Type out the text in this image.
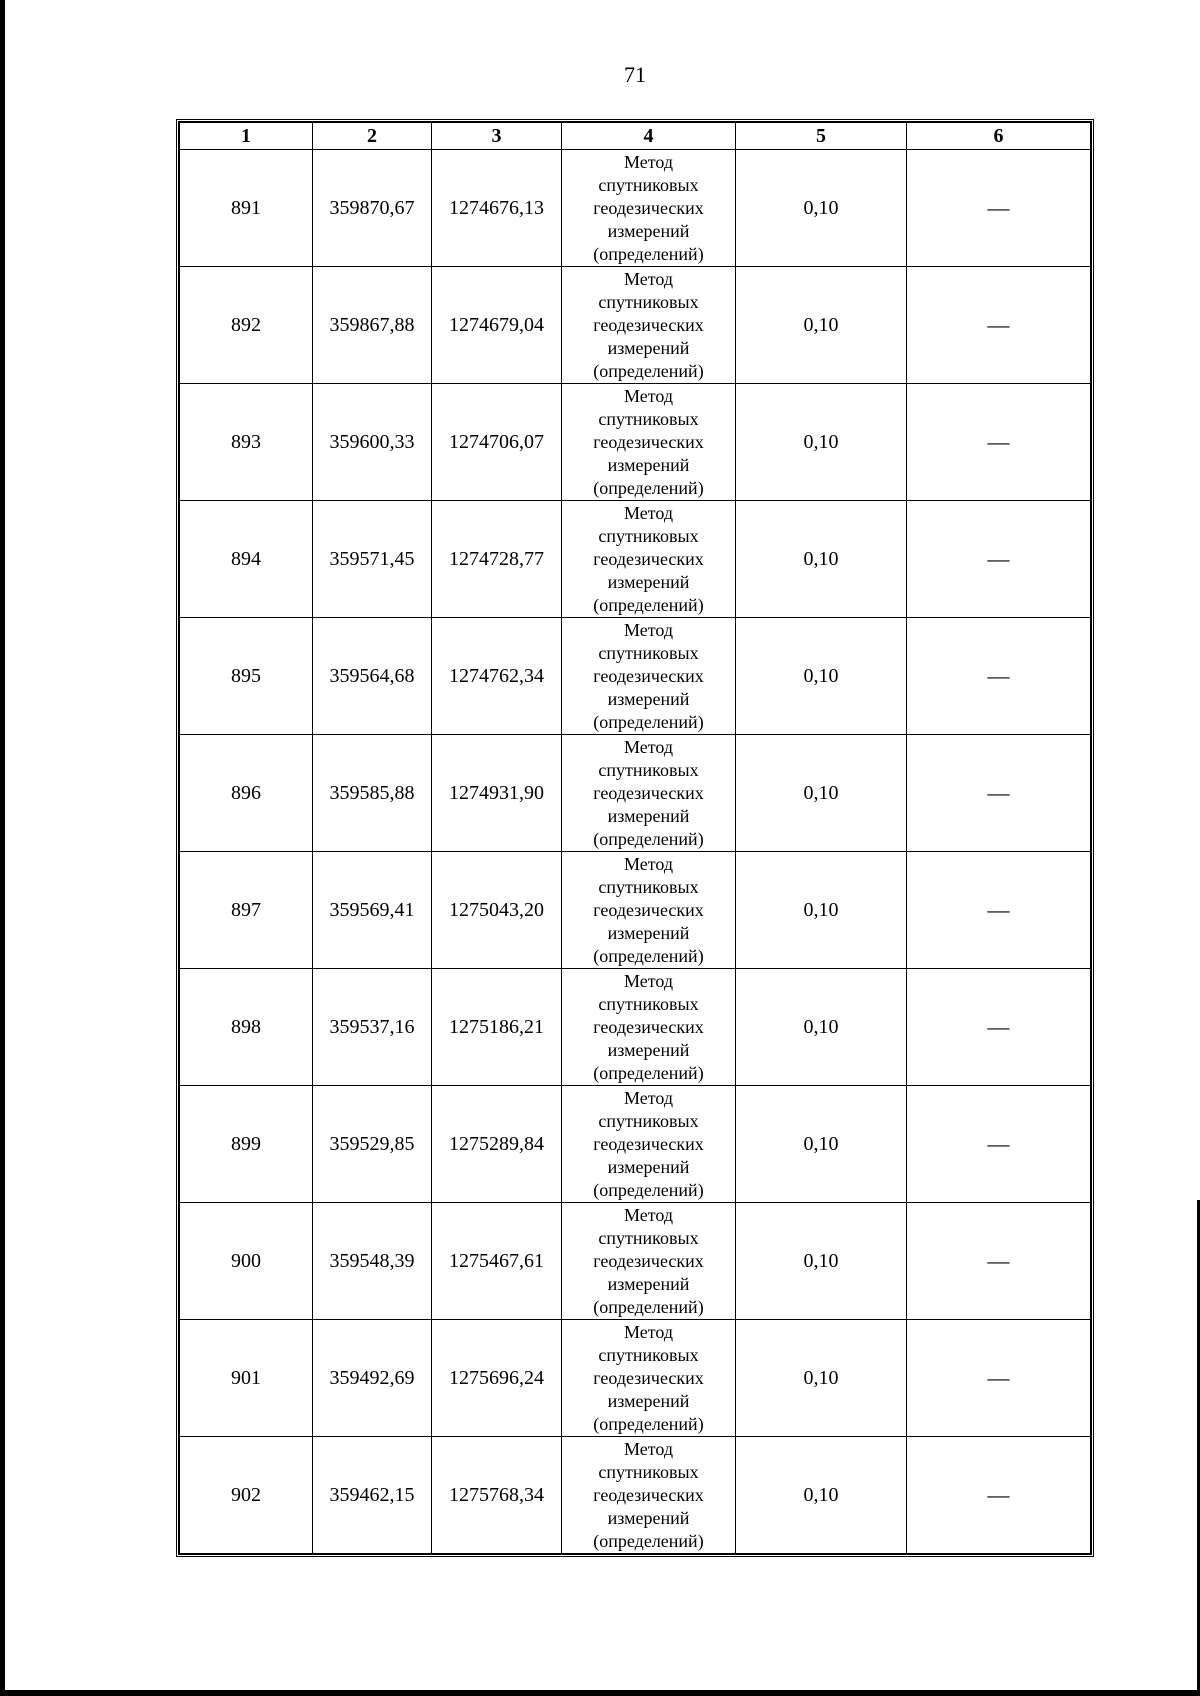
71
1	2	3	4	5	6
891	359870,67	1274676,13	Метод
спутниковых
геодезических
измерений
(определений)	0,10	—
892	359867,88	1274679,04	Метод
спутниковых
геодезических
измерений
(определений)	0,10	—
893	359600,33	1274706,07	Метод
спутниковых
геодезических
измерений
(определений)	0,10	—
894	359571,45	1274728,77	Метод
спутниковых
геодезических
измерений
(определений)	0,10	—
895	359564,68	1274762,34	Метод
спутниковых
геодезических
измерений
(определений)	0,10	—
896	359585,88	1274931,90	Метод
спутниковых
геодезических
измерений
(определений)	0,10	—
897	359569,41	1275043,20	Метод
спутниковых
геодезических
измерений
(определений)	0,10	—
898	359537,16	1275186,21	Метод
спутниковых
геодезических
измерений
(определений)	0,10	—
899	359529,85	1275289,84	Метод
спутниковых
геодезических
измерений
(определений)	0,10	—
900	359548,39	1275467,61	Метод
спутниковых
геодезических
измерений
(определений)	0,10	—
901	359492,69	1275696,24	Метод
спутниковых
геодезических
измерений
(определений)	0,10	—
902	359462,15	1275768,34	Метод
спутниковых
геодезических
измерений
(определений)	0,10	—
